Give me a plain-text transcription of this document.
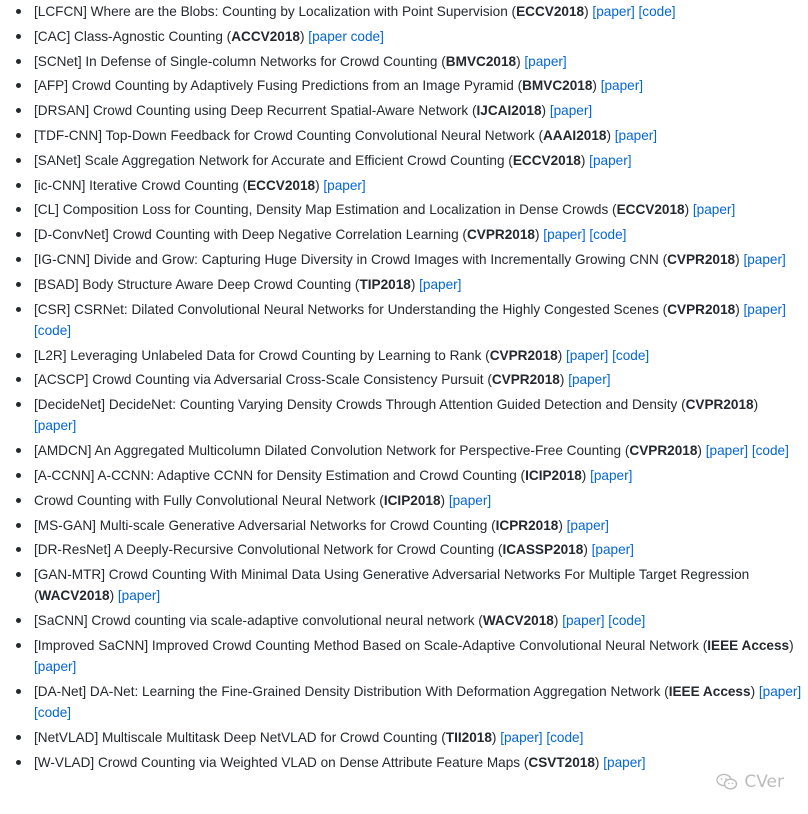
[LCFCN] Where are the Blobs: Counting by Localization with Point Supervision (ECCV2018) [paper] [code]
[CAC] Class-Agnostic Counting (ACCV2018) [paper code]
[SCNet] In Defense of Single-column Networks for Crowd Counting (BMVC2018) [paper]
[AFP] Crowd Counting by Adaptively Fusing Predictions from an Image Pyramid (BMVC2018) [paper]
[DRSAN] Crowd Counting using Deep Recurrent Spatial-Aware Network (IJCAI2018) [paper]
[TDF-CNN] Top-Down Feedback for Crowd Counting Convolutional Neural Network (AAAI2018) [paper]
[SANet] Scale Aggregation Network for Accurate and Efficient Crowd Counting (ECCV2018) [paper]
[ic-CNN] Iterative Crowd Counting (ECCV2018) [paper]
[CL] Composition Loss for Counting, Density Map Estimation and Localization in Dense Crowds (ECCV2018) [paper]
[D-ConvNet] Crowd Counting with Deep Negative Correlation Learning (CVPR2018) [paper] [code]
[IG-CNN] Divide and Grow: Capturing Huge Diversity in Crowd Images with Incrementally Growing CNN (CVPR2018) [paper]
[BSAD] Body Structure Aware Deep Crowd Counting (TIP2018) [paper]
[CSR] CSRNet: Dilated Convolutional Neural Networks for Understanding the Highly Congested Scenes (CVPR2018) [paper] [code]
[L2R] Leveraging Unlabeled Data for Crowd Counting by Learning to Rank (CVPR2018) [paper] [code]
[ACSCP] Crowd Counting via Adversarial Cross-Scale Consistency Pursuit (CVPR2018) [paper]
[DecideNet] DecideNet: Counting Varying Density Crowds Through Attention Guided Detection and Density (CVPR2018) [paper]
[AMDCN] An Aggregated Multicolumn Dilated Convolution Network for Perspective-Free Counting (CVPR2018) [paper] [code]
[A-CCNN] A-CCNN: Adaptive CCNN for Density Estimation and Crowd Counting (ICIP2018) [paper]
Crowd Counting with Fully Convolutional Neural Network (ICIP2018) [paper]
[MS-GAN] Multi-scale Generative Adversarial Networks for Crowd Counting (ICPR2018) [paper]
[DR-ResNet] A Deeply-Recursive Convolutional Network for Crowd Counting (ICASSP2018) [paper]
[GAN-MTR] Crowd Counting With Minimal Data Using Generative Adversarial Networks For Multiple Target Regression (WACV2018) [paper]
[SaCNN] Crowd counting via scale-adaptive convolutional neural network (WACV2018) [paper] [code]
[Improved SaCNN] Improved Crowd Counting Method Based on Scale-Adaptive Convolutional Neural Network (IEEE Access) [paper]
[DA-Net] DA-Net: Learning the Fine-Grained Density Distribution With Deformation Aggregation Network (IEEE Access) [paper][code]
[NetVLAD] Multiscale Multitask Deep NetVLAD for Crowd Counting (TII2018) [paper] [code]
[W-VLAD] Crowd Counting via Weighted VLAD on Dense Attribute Feature Maps (CSVT2018) [paper]
CVer
